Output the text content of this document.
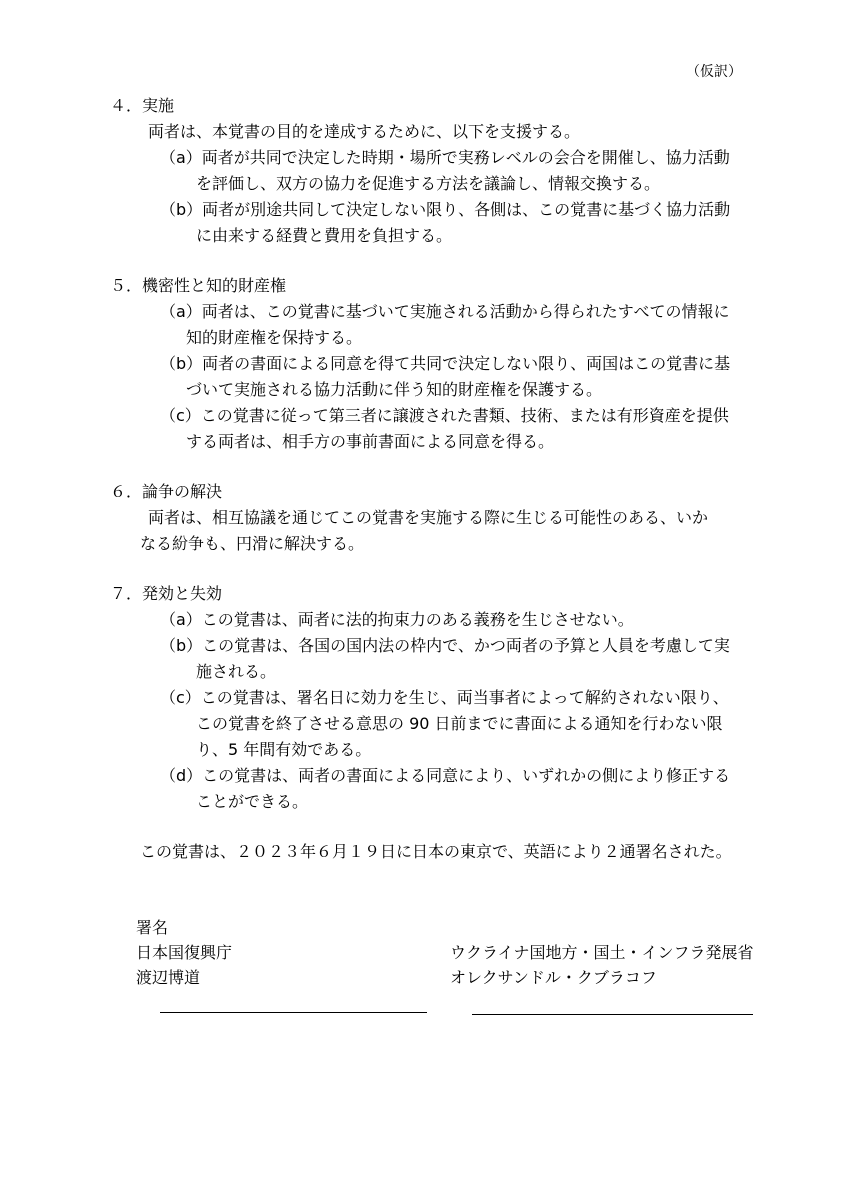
（仮訳）
４．実施
両者は、本覚書の目的を達成するために、以下を支援する。
（a）両者が共同で決定した時期・場所で実務レベルの会合を開催し、協力活動
を評価し、双方の協力を促進する方法を議論し、情報交換する。
（b）両者が別途共同して決定しない限り、各側は、この覚書に基づく協力活動
に由来する経費と費用を負担する。
５．機密性と知的財産権
（a）両者は、この覚書に基づいて実施される活動から得られたすべての情報に
知的財産権を保持する。
（b）両者の書面による同意を得て共同で決定しない限り、両国はこの覚書に基
づいて実施される協力活動に伴う知的財産権を保護する。
（c）この覚書に従って第三者に譲渡された書類、技術、または有形資産を提供
する両者は、相手方の事前書面による同意を得る。
６．論争の解決
両者は、相互協議を通じてこの覚書を実施する際に生じる可能性のある、いか
なる紛争も、円滑に解決する。
７．発効と失効
（a）この覚書は、両者に法的拘束力のある義務を生じさせない。
（b）この覚書は、各国の国内法の枠内で、かつ両者の予算と人員を考慮して実
施される。
（c）この覚書は、署名日に効力を生じ、両当事者によって解約されない限り、
この覚書を終了させる意思の 90 日前までに書面による通知を行わない限
り、5 年間有効である。
（d）この覚書は、両者の書面による同意により、いずれかの側により修正する
ことができる。
この覚書は、２０２３年６月１９日に日本の東京で、英語により２通署名された。
署名
日本国復興庁
渡辺博道
ウクライナ国地方・国土・インフラ発展省
オレクサンドル・クブラコフ
